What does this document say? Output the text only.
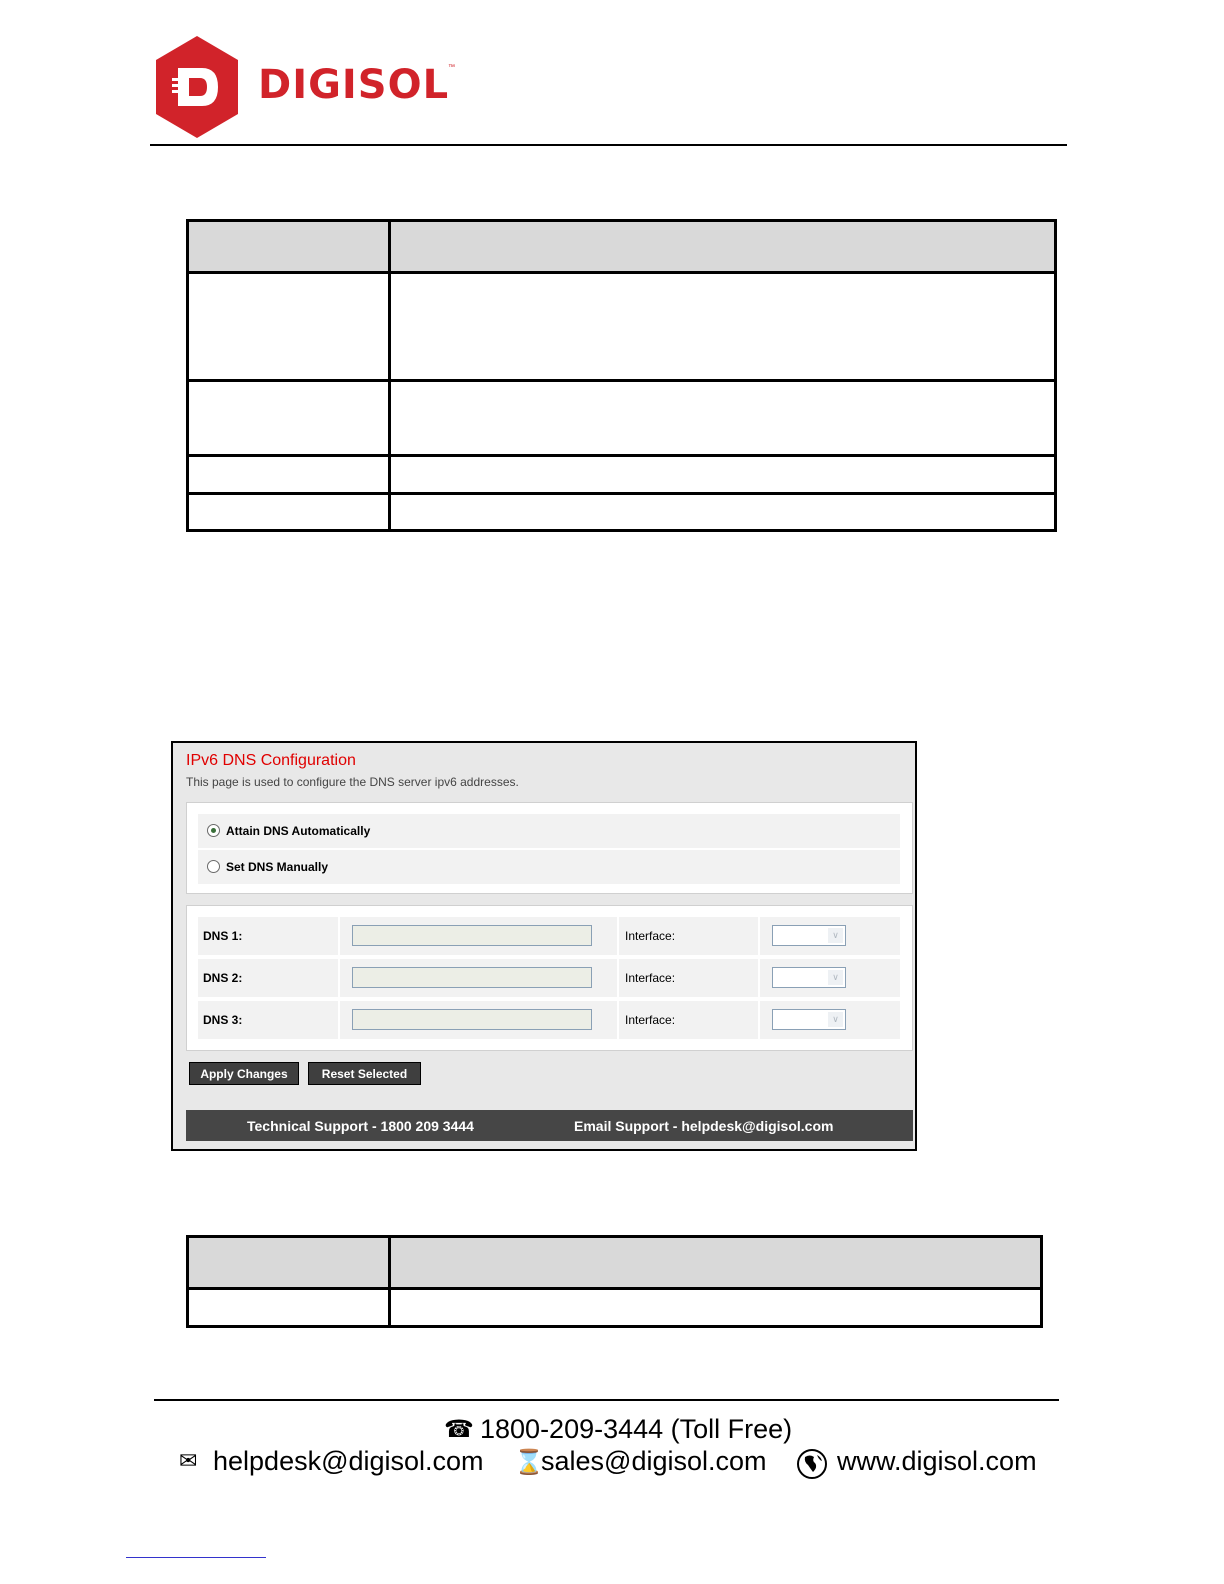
DIGISOL
™

IPv6 DNS Configuration
This page is used to configure the DNS server ipv6 addresses.
Attain DNS Automatically
Set DNS Manually
DNS 1:	Interface:	∨
DNS 2:	Interface:	∨
DNS 3:	Interface:	∨
Apply Changes	Reset Selected
Technical Support - 1800 209 3444	Email Support - helpdesk@digisol.com

☎ 1800-209-3444 (Toll Free)
✉ helpdesk@digisol.com ⌛
sales@digisol.com	www.digisol.com
